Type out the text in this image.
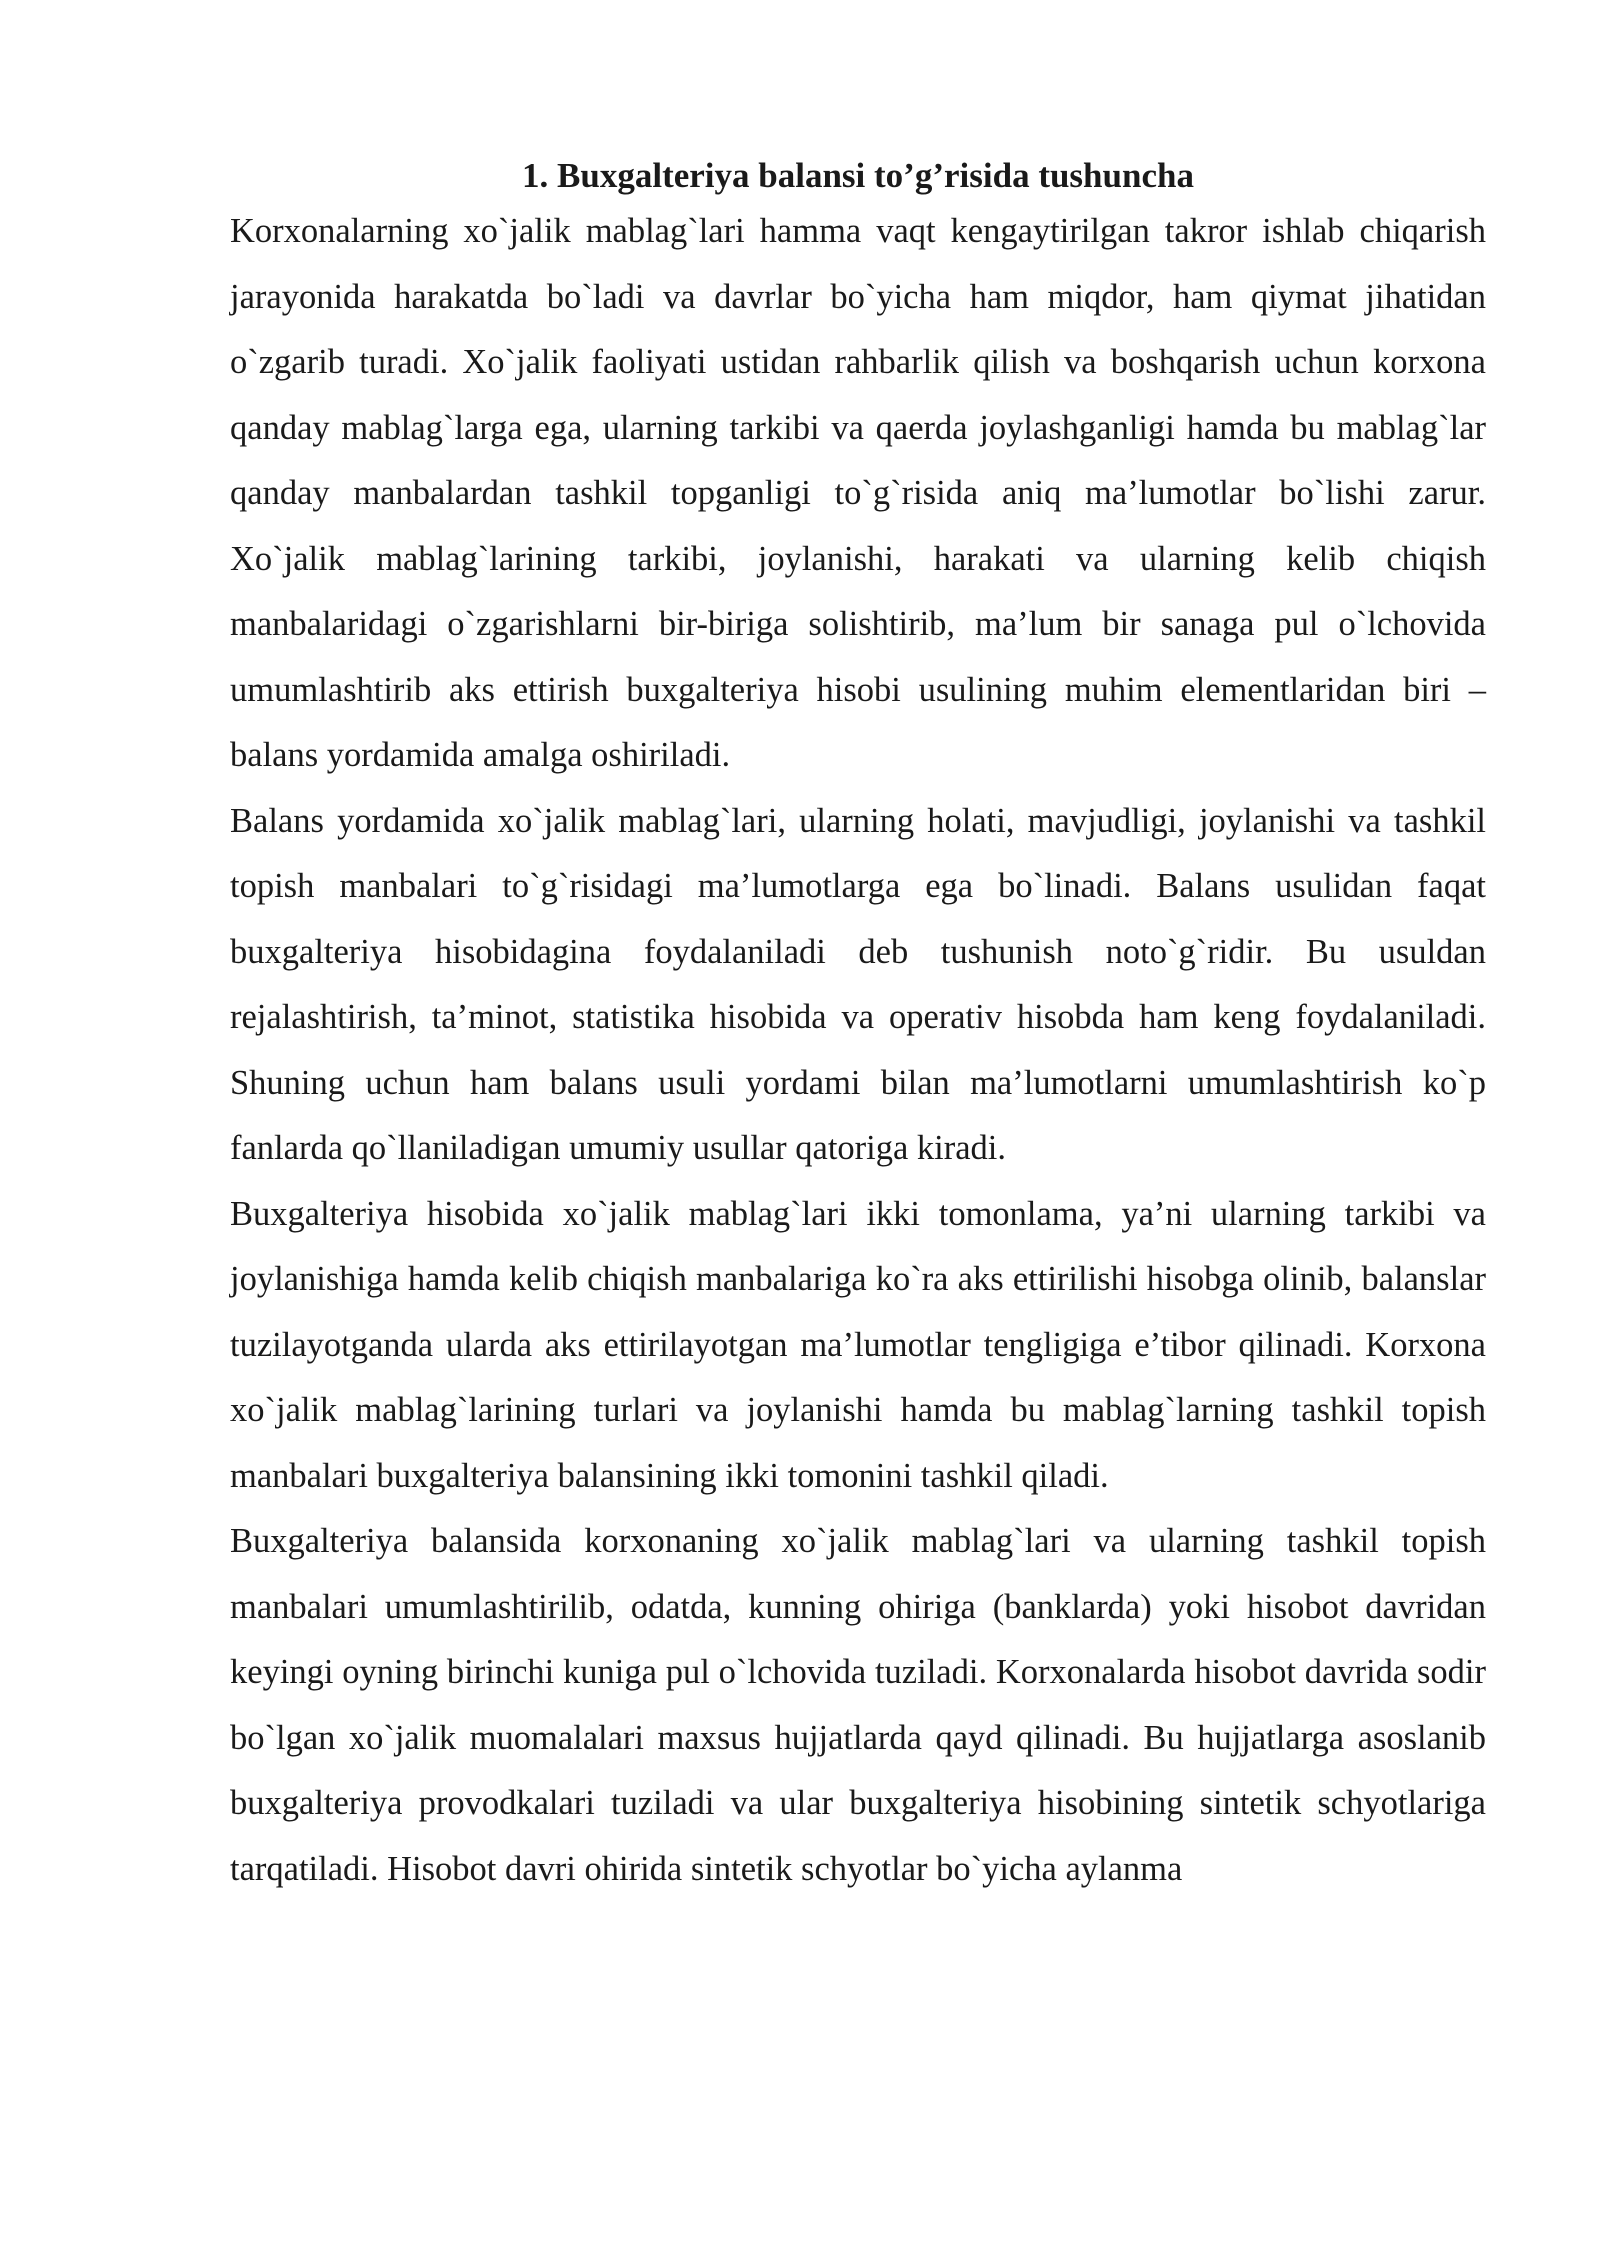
1. Buxgalteriya balansi to’g’risida tushuncha

Korxonalarning xo`jalik mablag`lari hamma vaqt kengaytirilgan takror ishlab chiqarish jarayonida harakatda bo`ladi va davrlar bo`yicha ham miqdor, ham qiymat jihatidan o`zgarib turadi. Xo`jalik faoliyati ustidan rahbarlik qilish va boshqarish uchun korxona qanday mablag`larga ega, ularning tarkibi va qaerda joylashganligi hamda bu mablag`lar qanday manbalardan tashkil topganligi to`g`risida aniq ma’lumotlar bo`lishi zarur. Xo`jalik mablag`larining tarkibi, joylanishi, harakati va ularning kelib chiqish manbalaridagi o`zgarishlarni bir-biriga solishtirib, ma’lum bir sanaga pul o`lchovida umumlashtirib aks ettirish buxgalteriya hisobi usulining muhim elementlaridan biri – balans yordamida amalga oshiriladi.

Balans yordamida xo`jalik mablag`lari, ularning holati, mavjudligi, joylanishi va tashkil topish manbalari to`g`risidagi ma’lumotlarga ega bo`linadi. Balans usulidan faqat buxgalteriya hisobidagina foydalaniladi deb tushunish noto`g`ridir. Bu usuldan rejalashtirish, ta’minot, statistika hisobida va operativ hisobda ham keng foydalaniladi. Shuning uchun ham balans usuli yordami bilan ma’lumotlarni umumlashtirish ko`p fanlarda qo`llaniladigan umumiy usullar qatoriga kiradi.

Buxgalteriya hisobida xo`jalik mablag`lari ikki tomonlama, ya’ni ularning tarkibi va joylanishiga hamda kelib chiqish manbalariga ko`ra aks ettirilishi hisobga olinib, balanslar tuzilayotganda ularda aks ettirilayotgan ma’lumotlar tengligiga e’tibor qilinadi. Korxona xo`jalik mablag`larining turlari va joylanishi hamda bu mablag`larning tashkil topish manbalari buxgalteriya balansining ikki tomonini tashkil qiladi.

Buxgalteriya balansida korxonaning xo`jalik mablag`lari va ularning tashkil topish manbalari umumlashtirilib, odatda, kunning ohiriga (banklarda) yoki hisobot davridan keyingi oyning birinchi kuniga pul o`lchovida tuziladi. Korxonalarda hisobot davrida sodir bo`lgan xo`jalik muomalalari maxsus hujjatlarda qayd qilinadi. Bu hujjatlarga asoslanib buxgalteriya provodkalari tuziladi va ular buxgalteriya hisobining sintetik schyotlariga tarqatiladi. Hisobot davri ohirida sintetik schyotlar bo`yicha aylanma
